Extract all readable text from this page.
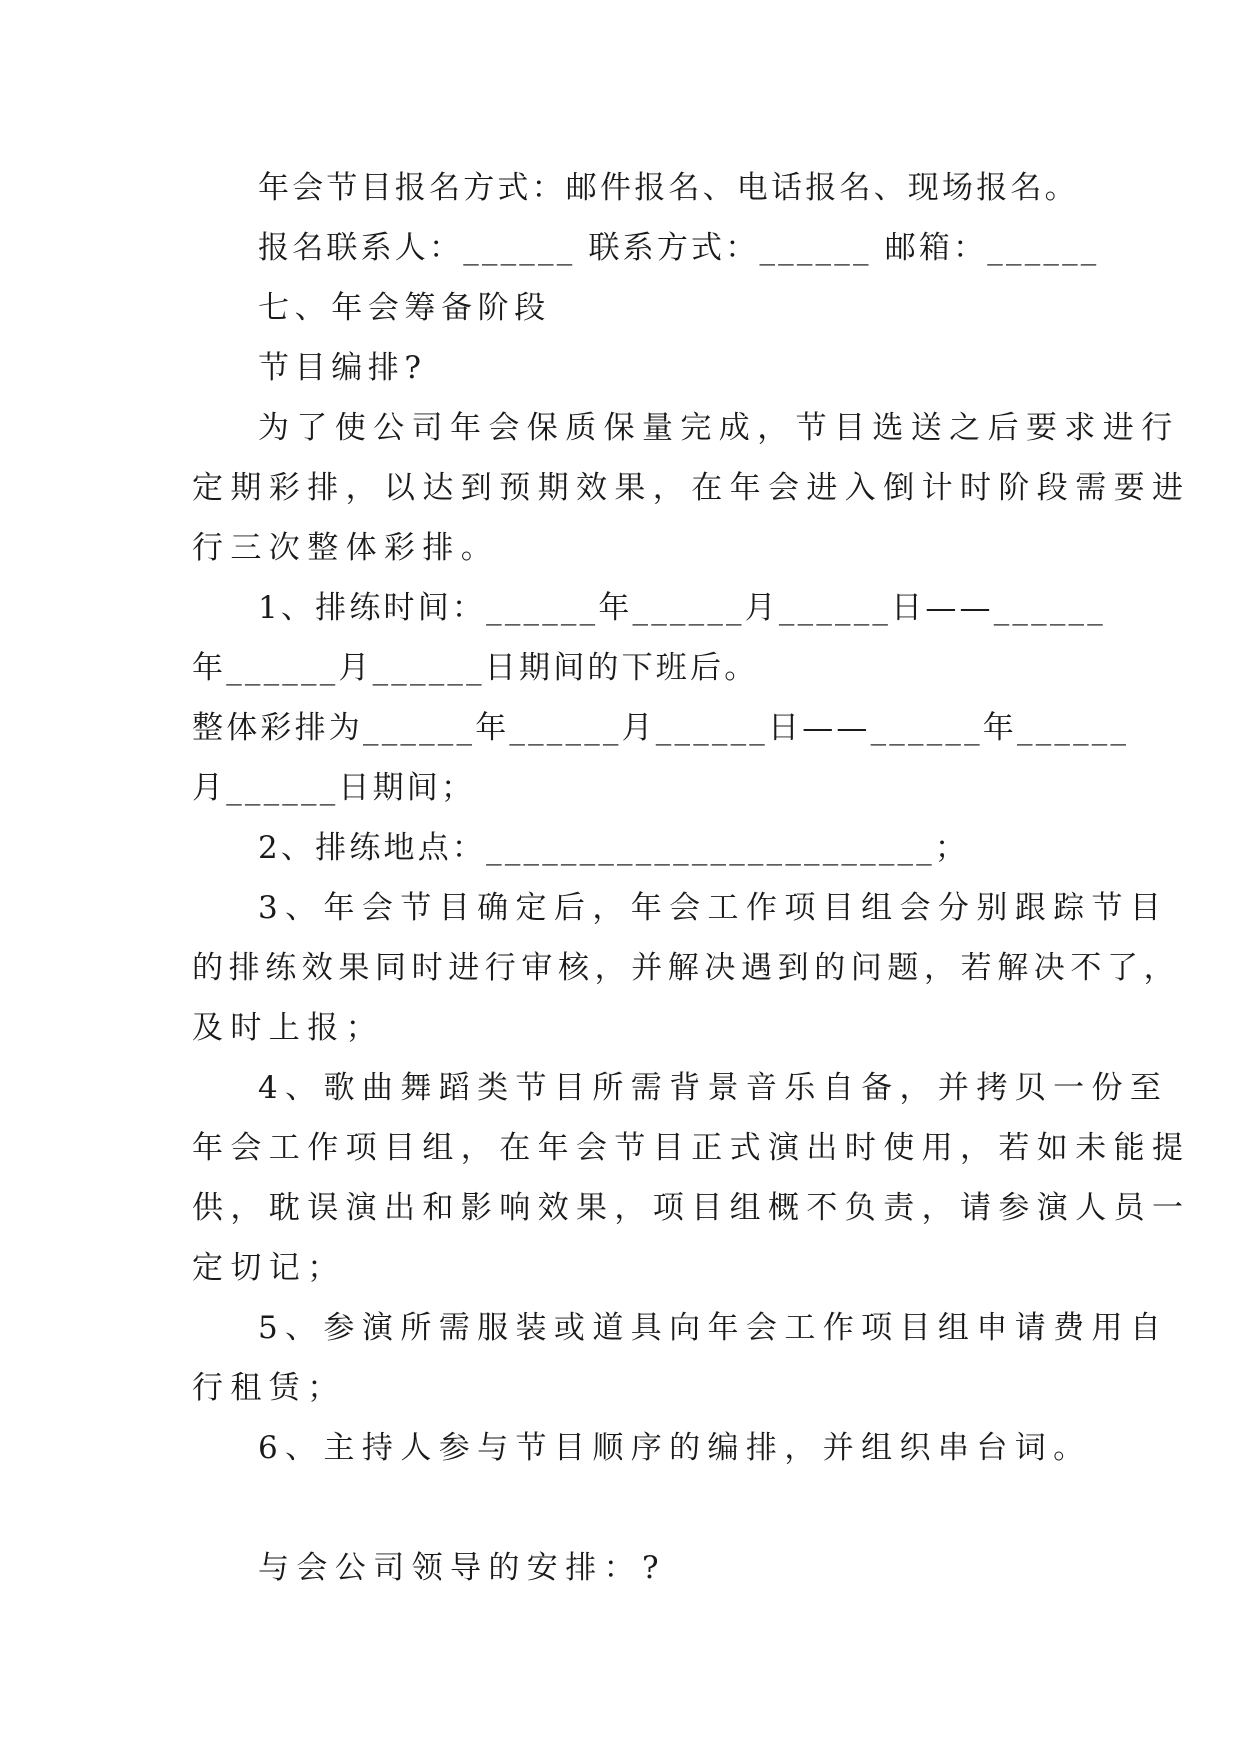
年会节目报名方式：邮件报名、电话报名、现场报名。
报名联系人：______ 联系方式：______ 邮箱：______
七、年会筹备阶段
节目编排?
为了使公司年会保质保量完成，节目选送之后要求进行
定期彩排，以达到预期效果，在年会进入倒计时阶段需要进
行三次整体彩排。
1、排练时间：______年______月______日——______
年______月______日期间的下班后。
整体彩排为______年______月______日——______年______
月______日期间；
2、排练地点：________________________；
3、年会节目确定后，年会工作项目组会分别跟踪节目
的排练效果同时进行审核，并解决遇到的问题，若解决不了，
及时上报；
4、歌曲舞蹈类节目所需背景音乐自备，并拷贝一份至
年会工作项目组，在年会节目正式演出时使用，若如未能提
供，耽误演出和影响效果，项目组概不负责，请参演人员一
定切记；
5、参演所需服装或道具向年会工作项目组申请费用自
行租赁；
6、主持人参与节目顺序的编排，并组织串台词。
与会公司领导的安排：?
